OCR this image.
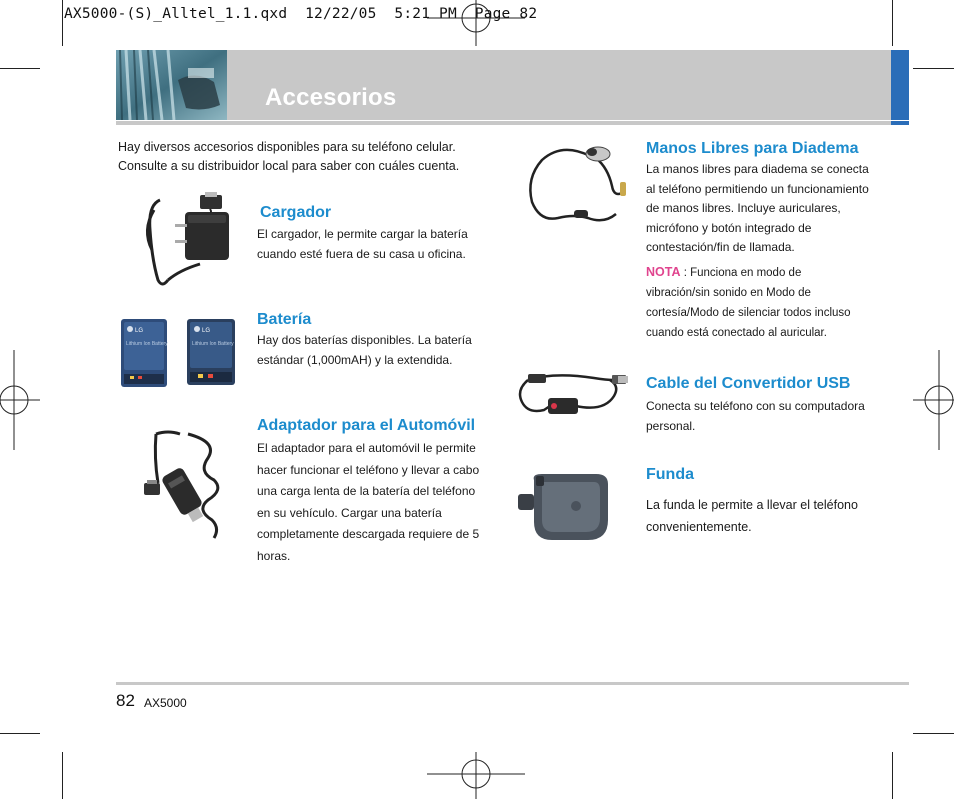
AX5000-(S)_Alltel_1.1.qxd  12/22/05  5:21 PM  Page 82
Accesorios
Hay diversos accesorios disponibles para su teléfono celular.
Consulte a su distribuidor local para saber con cuáles cuenta.
Cargador
El cargador, le permite cargar la batería
cuando esté fuera de su casa u oficina.
LG
Lithium Ion Battery
LG
Lithium Ion Battery
Batería
Hay dos baterías disponibles. La batería
estándar (1,000mAH) y la extendida.
Adaptador para el Automóvil
El adaptador para el automóvil le permite
hacer funcionar el teléfono y llevar a cabo
una carga lenta de la batería del teléfono
en su vehículo. Cargar una batería
completamente descargada requiere de 5
horas.
Manos Libres para Diadema
La manos libres para diadema se conecta
al teléfono permitiendo un funcionamiento
de manos libres. Incluye auriculares,
micrófono y botón integrado de
contestación/fin de llamada.
NOTA : Funciona en modo de
vibración/sin sonido en Modo de
cortesía/Modo de silenciar todos incluso
cuando está conectado al auricular.
Cable del Convertidor USB
Conecta su teléfono con su computadora
personal.
Funda
La funda le permite a llevar el teléfono
convenientemente.
82 AX5000
